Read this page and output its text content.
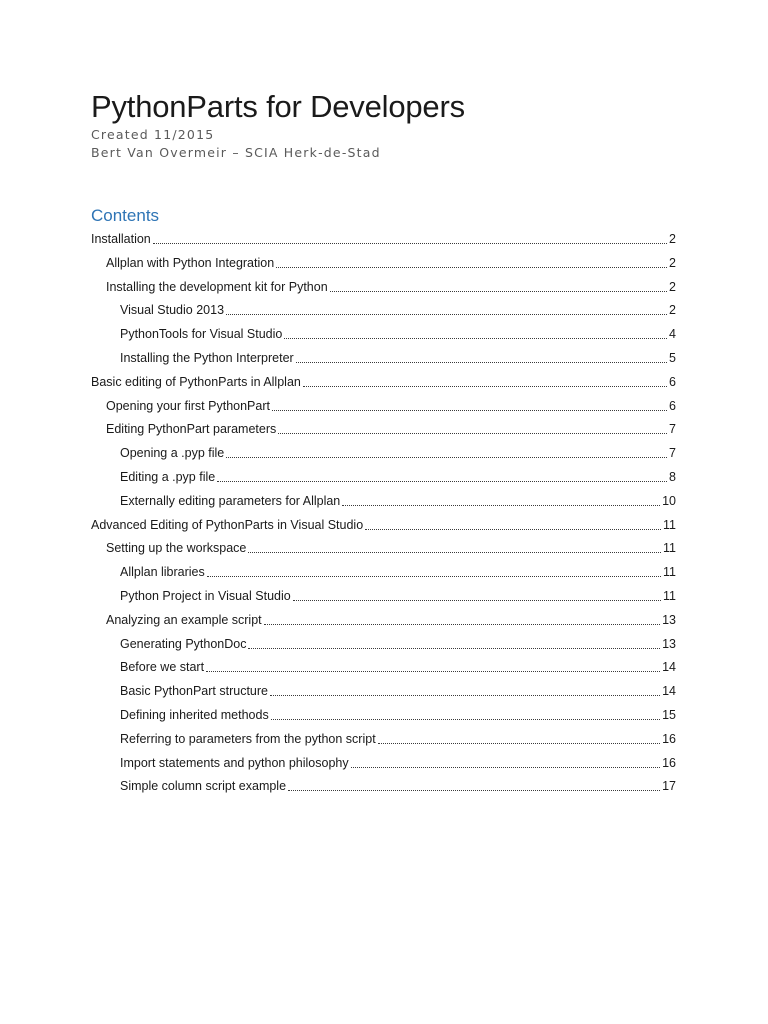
PythonParts for Developers
Created 11/2015
Bert Van Overmeir – SCIA Herk-de-Stad
Contents
Installation	2
Allplan with Python Integration	2
Installing the development kit for Python	2
Visual Studio 2013	2
PythonTools for Visual Studio	4
Installing the Python Interpreter	5
Basic editing of PythonParts in Allplan	6
Opening your first PythonPart	6
Editing PythonPart parameters	7
Opening a .pyp file	7
Editing a .pyp file	8
Externally editing parameters for Allplan	10
Advanced Editing of PythonParts in Visual Studio	11
Setting up the workspace	11
Allplan libraries	11
Python Project in Visual Studio	11
Analyzing an example script	13
Generating PythonDoc	13
Before we start	14
Basic PythonPart structure	14
Defining inherited methods	15
Referring to parameters from the python script	16
Import statements and python philosophy	16
Simple column script example	17
